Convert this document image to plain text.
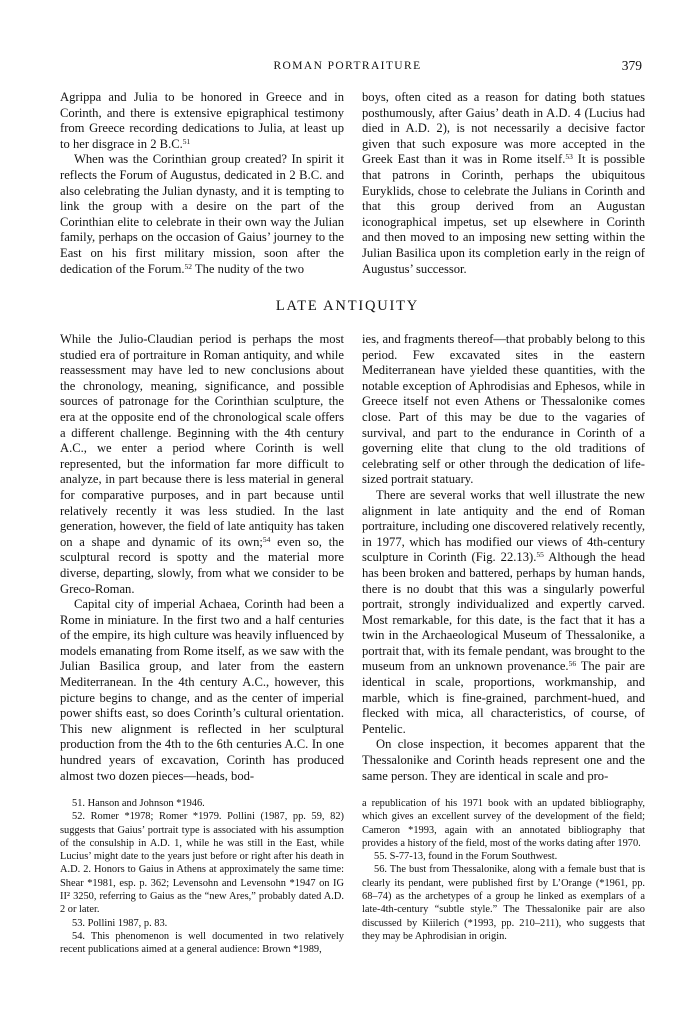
ROMAN PORTRAITURE	379

Agrippa and Julia to be honored in Greece and in Corinth, and there is extensive epigraphical testimony from Greece recording dedications to Julia, at least up to her disgrace in 2 B.C.$^{51}$

When was the Corinthian group created? In spirit it reflects the Forum of Augustus, dedicated in 2 B.C. and also celebrating the Julian dynasty, and it is tempting to link the group with a desire on the part of the Corinthian elite to celebrate in their own way the Julian family, perhaps on the occasion of Gaius’ journey to the East on his first military mission, soon after the dedication of the Forum.$^{52}$ The nudity of the two

boys, often cited as a reason for dating both statues posthumously, after Gaius’ death in A.D. 4 (Lucius had died in A.D. 2), is not necessarily a decisive factor given that such exposure was more accepted in the Greek East than it was in Rome itself.$^{53}$ It is possible that patrons in Corinth, perhaps the ubiquitous Euryklids, chose to celebrate the Julians in Corinth and that this group derived from an Augustan iconographical impetus, set up elsewhere in Corinth and then moved to an imposing new setting within the Julian Basilica upon its completion early in the reign of Augustus’ successor.

LATE ANTIQUITY

While the Julio-Claudian period is perhaps the most studied era of portraiture in Roman antiquity, and while reassessment may have led to new conclusions about the chronology, meaning, significance, and possible sources of patronage for the Corinthian sculpture, the era at the opposite end of the chronological scale offers a different challenge. Beginning with the 4th century A.C., we enter a period where Corinth is well represented, but the information far more difficult to analyze, in part because there is less material in general for comparative purposes, and in part because until relatively recently it was less studied. In the last generation, however, the field of late antiquity has taken on a shape and dynamic of its own;$^{54}$ even so, the sculptural record is spotty and the material more diverse, departing, slowly, from what we consider to be Greco-Roman.

Capital city of imperial Achaea, Corinth had been a Rome in miniature. In the first two and a half centuries of the empire, its high culture was heavily influenced by models emanating from Rome itself, as we saw with the Julian Basilica group, and later from the eastern Mediterranean. In the 4th century A.C., however, this picture begins to change, and as the center of imperial power shifts east, so does Corinth’s cultural orientation. This new alignment is reflected in her sculptural production from the 4th to the 6th centuries A.C. In one hundred years of excavation, Corinth has produced almost two dozen pieces—heads, bod-

ies, and fragments thereof—that probably belong to this period. Few excavated sites in the eastern Mediterranean have yielded these quantities, with the notable exception of Aphrodisias and Ephesos, while in Greece itself not even Athens or Thessalonike comes close. Part of this may be due to the vagaries of survival, and part to the endurance in Corinth of a governing elite that clung to the old traditions of celebrating self or other through the dedication of life-sized portrait statuary.

There are several works that well illustrate the new alignment in late antiquity and the end of Roman portraiture, including one discovered relatively recently, in 1977, which has modified our views of 4th-century sculpture in Corinth (Fig. 22.13).$^{55}$ Although the head has been broken and battered, perhaps by human hands, there is no doubt that this was a singularly powerful portrait, strongly individualized and expertly carved. Most remarkable, for this date, is the fact that it has a twin in the Archaeological Museum of Thessalonike, a portrait that, with its female pendant, was brought to the museum from an unknown provenance.$^{56}$ The pair are identical in scale, proportions, workmanship, and marble, which is fine-grained, parchment-hued, and flecked with mica, all characteristics, of course, of Pentelic.

On close inspection, it becomes apparent that the Thessalonike and Corinth heads represent one and the same person. They are identical in scale and pro-

51. Hanson and Johnson *1946.

52. Romer *1978; Romer *1979. Pollini (1987, pp. 59, 82) suggests that Gaius’ portrait type is associated with his assumption of the consulship in A.D. 1, while he was still in the East, while Lucius’ might date to the years just before or right after his death in A.D. 2. Honors to Gaius in Athens at approximately the same time: Shear *1981, esp. p. 362; Levensohn and Levensohn *1947 on IG II² 3250, referring to Gaius as the “new Ares,” probably dated A.D. 2 or later.

53. Pollini 1987, p. 83.

54. This phenomenon is well documented in two relatively recent publications aimed at a general audience: Brown *1989,

a republication of his 1971 book with an updated bibliography, which gives an excellent survey of the development of the field; Cameron *1993, again with an annotated bibliography that provides a history of the field, most of the works dating after 1970.

55. S-77-13, found in the Forum Southwest.

56. The bust from Thessalonike, along with a female bust that is clearly its pendant, were published first by L’Orange (*1961, pp. 68–74) as the archetypes of a group he linked as exemplars of a late-4th-century “subtle style.” The Thessalonike pair are also discussed by Kiilerich (*1993, pp. 210–211), who suggests that they may be Aphrodisian in origin.
